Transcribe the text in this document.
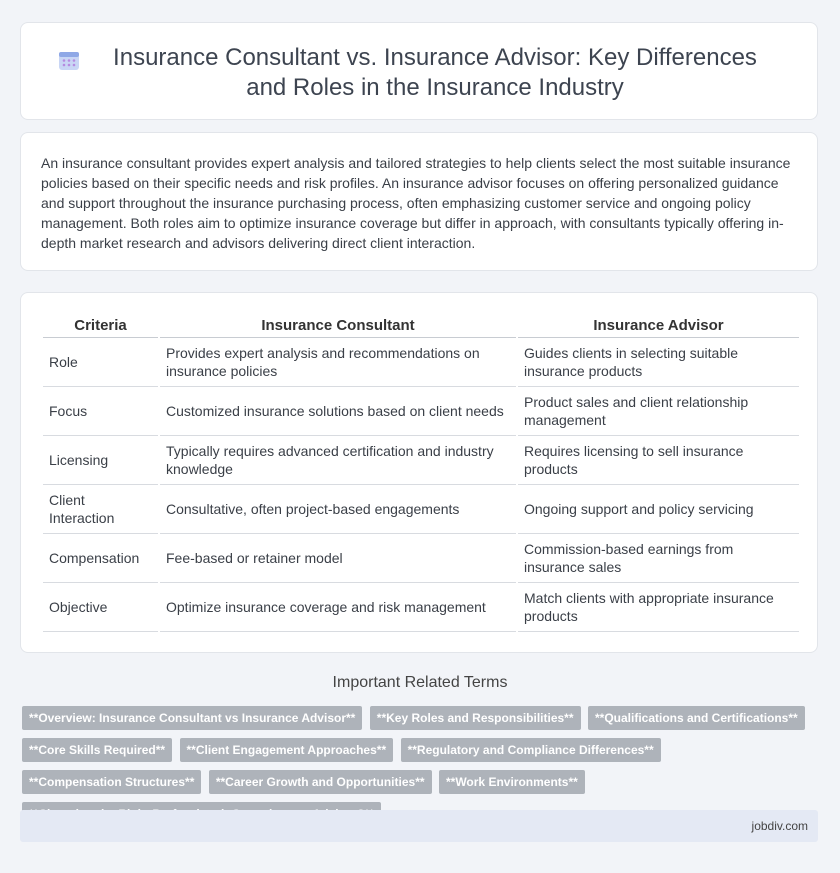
Insurance Consultant vs. Insurance Advisor: Key Differences and Roles in the Insurance Industry

An insurance consultant provides expert analysis and tailored strategies to help clients select the most suitable insurance policies based on their specific needs and risk profiles. An insurance advisor focuses on offering personalized guidance and support throughout the insurance purchasing process, often emphasizing customer service and ongoing policy management. Both roles aim to optimize insurance coverage but differ in approach, with consultants typically offering in-depth market research and advisors delivering direct client interaction.

Criteria	Insurance Consultant	Insurance Advisor
Role	Provides expert analysis and recommendations on insurance policies	Guides clients in selecting suitable insurance products
Focus	Customized insurance solutions based on client needs	Product sales and client relationship management
Licensing	Typically requires advanced certification and industry knowledge	Requires licensing to sell insurance products
Client Interaction	Consultative, often project-based engagements	Ongoing support and policy servicing
Compensation	Fee-based or retainer model	Commission-based earnings from insurance sales
Objective	Optimize insurance coverage and risk management	Match clients with appropriate insurance products
Important Related Terms
**Overview: Insurance Consultant vs Insurance Advisor** **Key Roles and Responsibilities** **Qualifications and Certifications** **Core Skills Required** **Client Engagement Approaches** **Regulatory and Compliance Differences** **Compensation Structures** **Career Growth and Opportunities** **Work Environments**
jobdiv.com
